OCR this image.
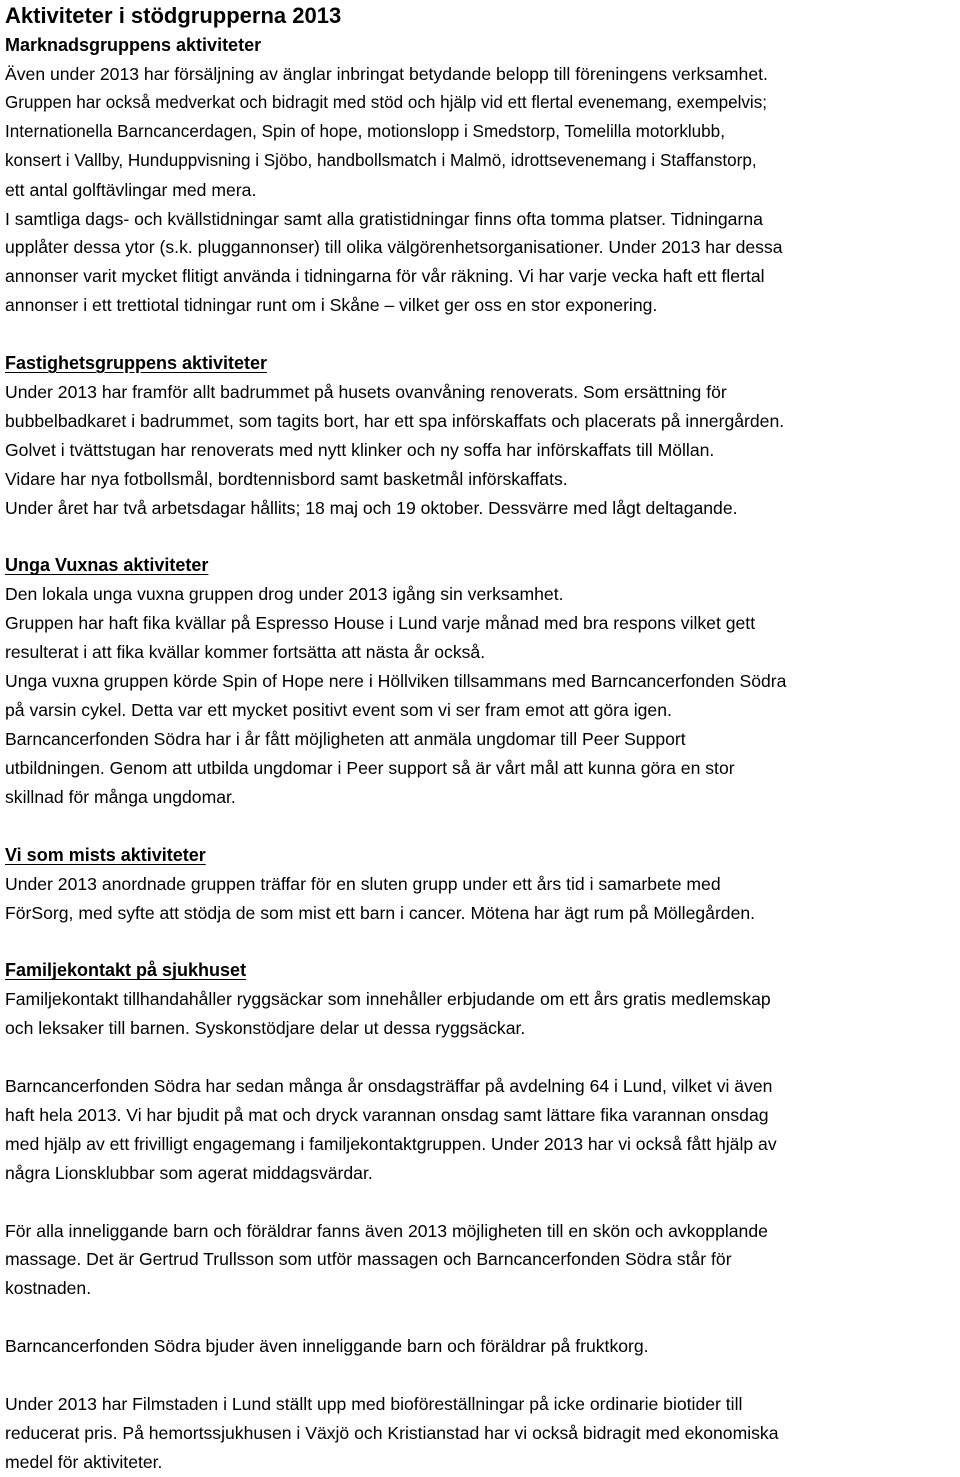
Aktiviteter i stödgrupperna 2013
Marknadsgruppens aktiviteter

Även under 2013 har försäljning av änglar inbringat betydande belopp till föreningens verksamhet.

Gruppen har också medverkat och bidragit med stöd och hjälp vid ett flertal evenemang, exempelvis;

Internationella Barncancerdagen, Spin of hope, motionslopp i Smedstorp, Tomelilla motorklubb,

konsert i Vallby, Hunduppvisning i Sjöbo, handbollsmatch i Malmö, idrottsevenemang i Staffanstorp,

ett antal golftävlingar med mera.

I samtliga dags- och kvällstidningar samt alla gratistidningar finns ofta tomma platser. Tidningarna

upplåter dessa ytor (s.k. pluggannonser) till olika välgörenhetsorganisationer. Under 2013 har dessa

annonser varit mycket flitigt använda i tidningarna för vår räkning. Vi har varje vecka haft ett flertal

annonser i ett trettiotal tidningar runt om i Skåne – vilket ger oss en stor exponering.

Fastighetsgruppens aktiviteter

Under 2013 har framför allt badrummet på husets ovanvåning renoverats. Som ersättning för

bubbelbadkaret i badrummet, som tagits bort, har ett spa införskaffats och placerats på innergården.

Golvet i tvättstugan har renoverats med nytt klinker och ny soffa har införskaffats till Möllan.

Vidare har nya fotbollsmål, bordtennisbord samt basketmål införskaffats.

Under året har två arbetsdagar hållits; 18 maj och 19 oktober. Dessvärre med lågt deltagande.

Unga Vuxnas aktiviteter

Den lokala unga vuxna gruppen drog under 2013 igång sin verksamhet.

Gruppen har haft fika kvällar på Espresso House i Lund varje månad med bra respons vilket gett

resulterat i att fika kvällar kommer fortsätta att nästa år också.

Unga vuxna gruppen körde Spin of Hope nere i Höllviken tillsammans med Barncancerfonden Södra

på varsin cykel. Detta var ett mycket positivt event som vi ser fram emot att göra igen.

Barncancerfonden Södra har i år fått möjligheten att anmäla ungdomar till Peer Support

utbildningen. Genom att utbilda ungdomar i Peer support så är vårt mål att kunna göra en stor

skillnad för många ungdomar.

Vi som mists aktiviteter

Under 2013 anordnade gruppen träffar för en sluten grupp under ett års tid i samarbete med

FörSorg, med syfte att stödja de som mist ett barn i cancer. Mötena har ägt rum på Möllegården.

Familjekontakt på sjukhuset

Familjekontakt tillhandahåller ryggsäckar som innehåller erbjudande om ett års gratis medlemskap

och leksaker till barnen. Syskonstödjare delar ut dessa ryggsäckar.

Barncancerfonden Södra har sedan många år onsdagsträffar på avdelning 64 i Lund, vilket vi även

haft hela 2013. Vi har bjudit på mat och dryck varannan onsdag samt lättare fika varannan onsdag

med hjälp av ett frivilligt engagemang i familjekontaktgruppen. Under 2013 har vi också fått hjälp av

några Lionsklubbar som agerat middagsvärdar.

För alla inneliggande barn och föräldrar fanns även 2013 möjligheten till en skön och avkopplande

massage. Det är Gertrud Trullsson som utför massagen och Barncancerfonden Södra står för

kostnaden.

Barncancerfonden Södra bjuder även inneliggande barn och föräldrar på fruktkorg.

Under 2013 har Filmstaden i Lund ställt upp med bioföreställningar på icke ordinarie biotider till

reducerat pris. På hemortssjukhusen i Växjö och Kristianstad har vi också bidragit med ekonomiska

medel för aktiviteter.
